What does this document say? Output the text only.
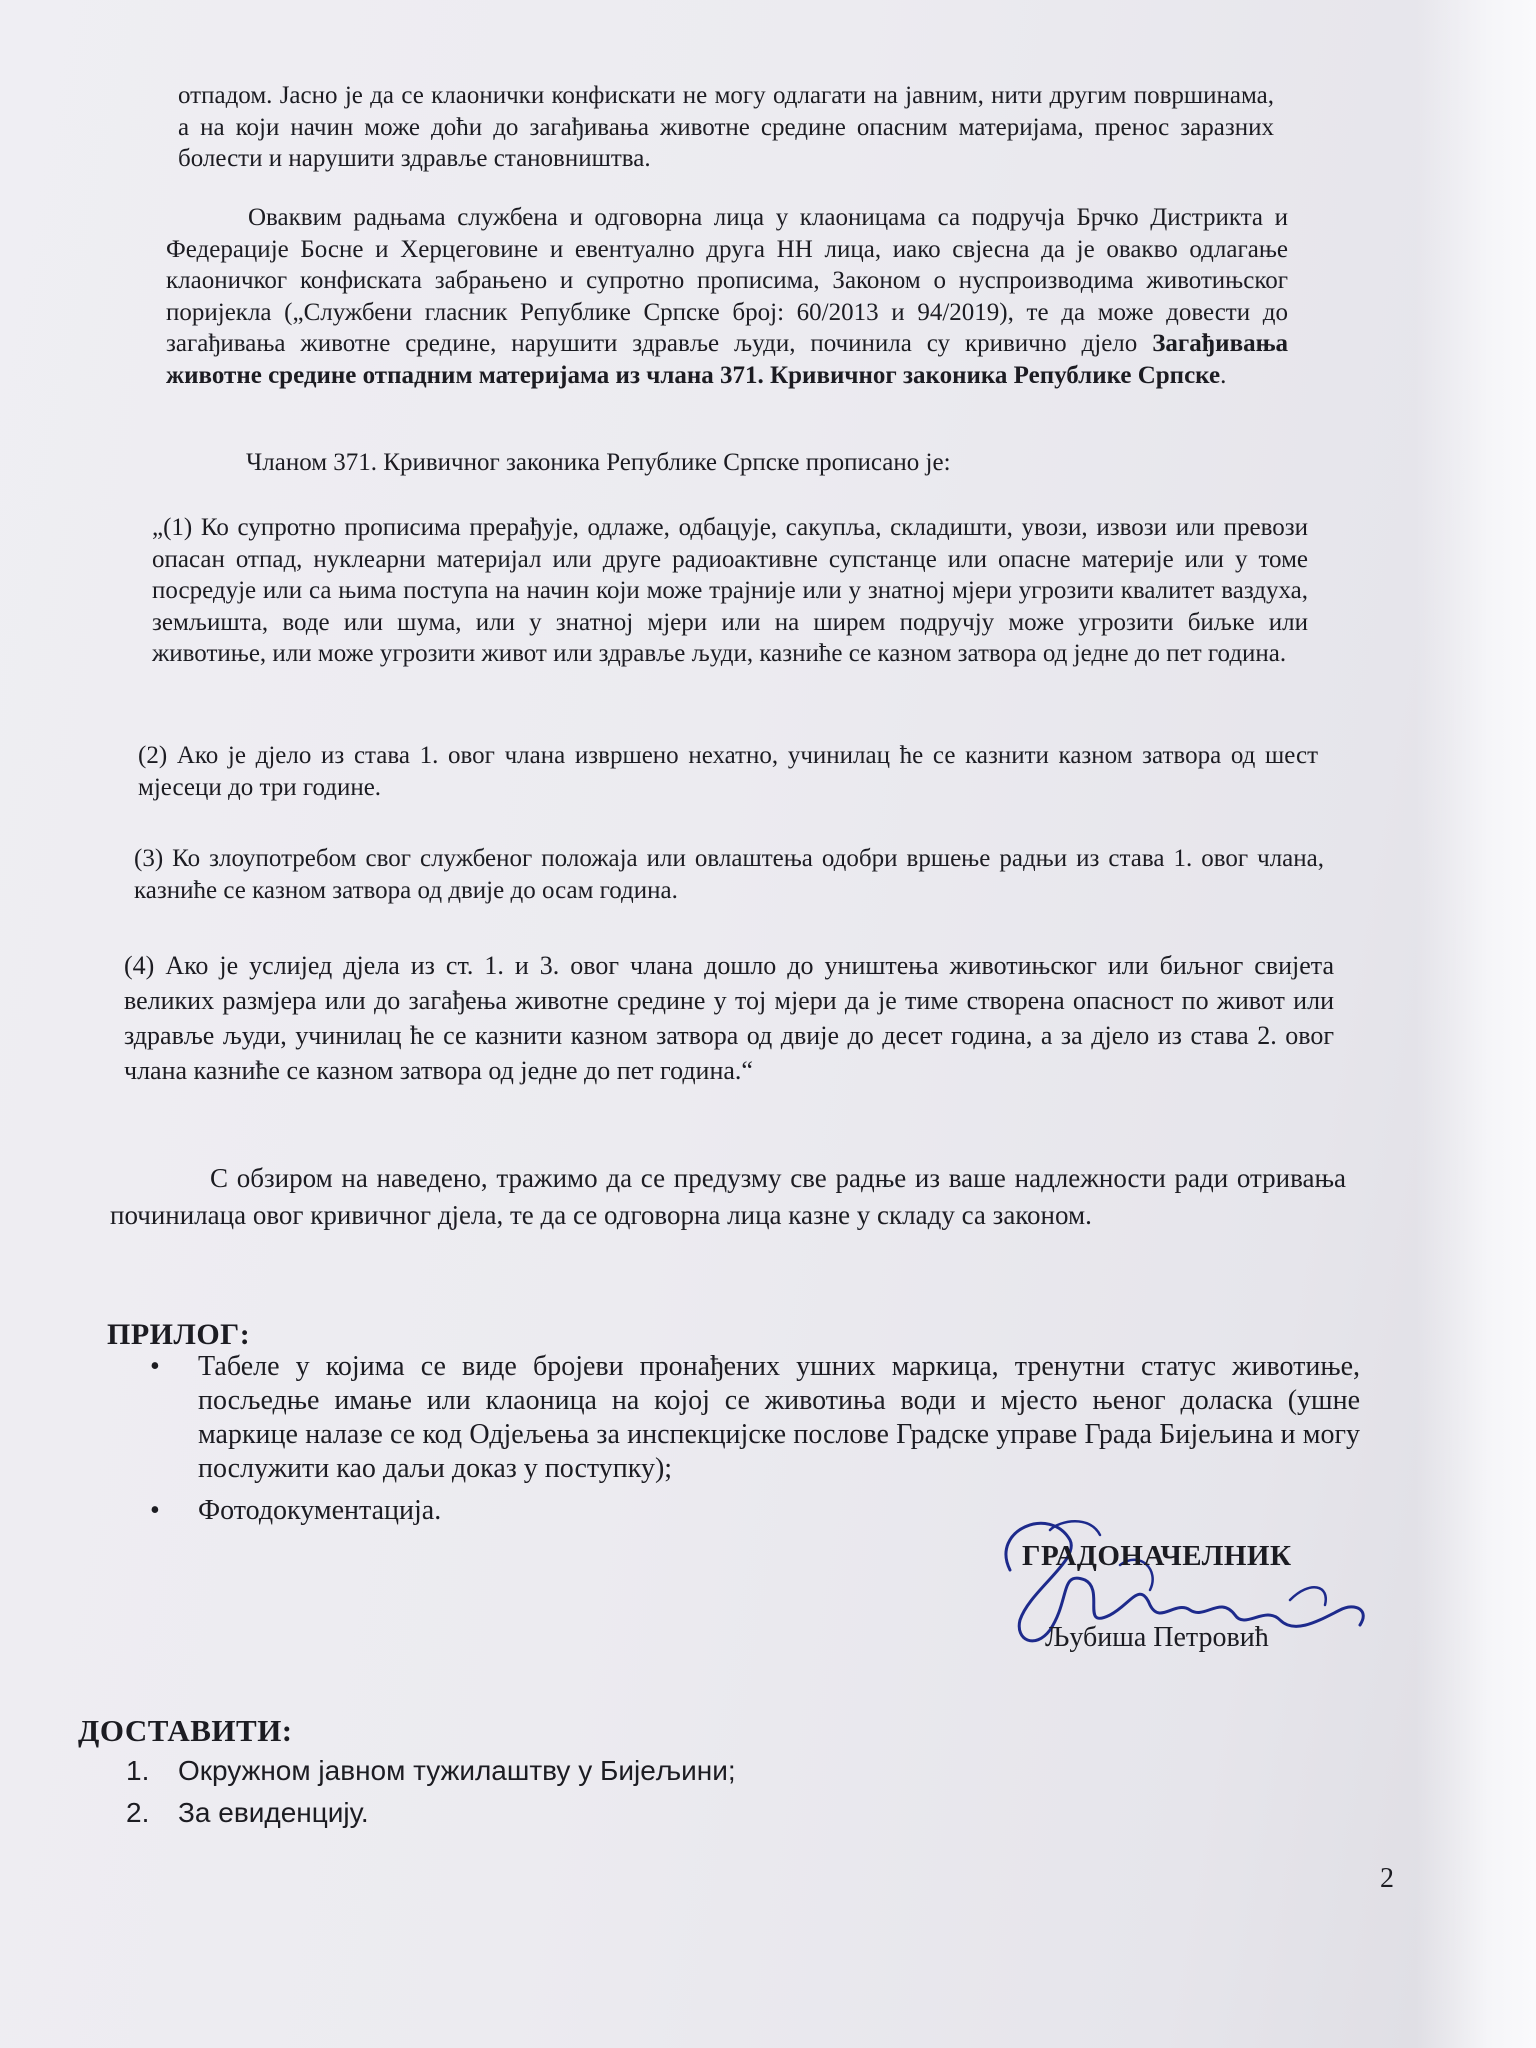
отпадом. Јасно је да се клаонички конфискати не могу одлагати на јавним, нити другим површинама, а на који начин може доћи до загађивања животне средине опасним материјама, пренос заразних болести и нарушити здравље становништва.

Оваквим радњама службена и одговорна лица у клаоницама са подручја Брчко Дистрикта и Федерације Босне и Херцеговине и евентуално друга НН лица, иако свјесна да је овакво одлагање клаоничког конфиската забрањено и супротно прописима, Законом о нуспроизводима животињског поријекла („Службени гласник Републике Српске број: 60/2013 и 94/2019), те да може довести до загађивања животне средине, нарушити здравље људи, починила су кривично дјело Загађивања животне средине отпадним материјама из члана 371. Кривичног законика Републике Српске.

Чланом 371. Кривичног законика Републике Српске прописано је:

„(1) Ко супротно прописима прерађује, одлаже, одбацује, сакупља, складишти, увози, извози или превози опасан отпад, нуклеарни материјал или друге радиоактивне супстанце или опасне материје или у томе посредује или са њима поступа на начин који може трајније или у знатној мјери угрозити квалитет ваздуха, земљишта, воде или шума, или у знатној мјери или на ширем подручју може угрозити биљке или животиње, или може угрозити живот или здравље људи, казниће се казном затвора од једне до пет година.

(2) Ако је дјело из става 1. овог члана извршено нехатно, учинилац ће се казнити казном затвора од шест мјесеци до три године.

(3) Ко злоупотребом свог службеног положаја или овлаштења одобри вршење радњи из става 1. овог члана, казниће се казном затвора од двије до осам година.

(4) Ако је услијед дјела из ст. 1. и 3. овог члана дошло до уништења животињског или биљног свијета великих размјера или до загађења животне средине у тој мјери да је тиме створена опасност по живот или здравље људи, учинилац ће се казнити казном затвора од двије до десет година, а за дјело из става 2. овог члана казниће се казном затвора од једне до пет година.“

С обзиром на наведено, тражимо да се предузму све радње из ваше надлежности ради отривања починилаца овог кривичног дјела, те да се одговорна лица казне у складу са законом.

ПРИЛОГ:
• Табеле у којима се виде бројеви пронађених ушних маркица, тренутни статус животиње, посљедње имање или клаоница на којој се животиња води и мјесто њеног доласка (ушне маркице налазе се код Одјељења за инспекцијске послове Градске управе Града Бијељина и могу послужити као даљи доказ у поступку);
• Фотодокументација.
ГРАДОНАЧЕЛНИК
Љубиша Петровић
ДОСТАВИТИ:
1. Окружном јавном тужилаштву у Бијељини;
2. За евиденцију.
2
